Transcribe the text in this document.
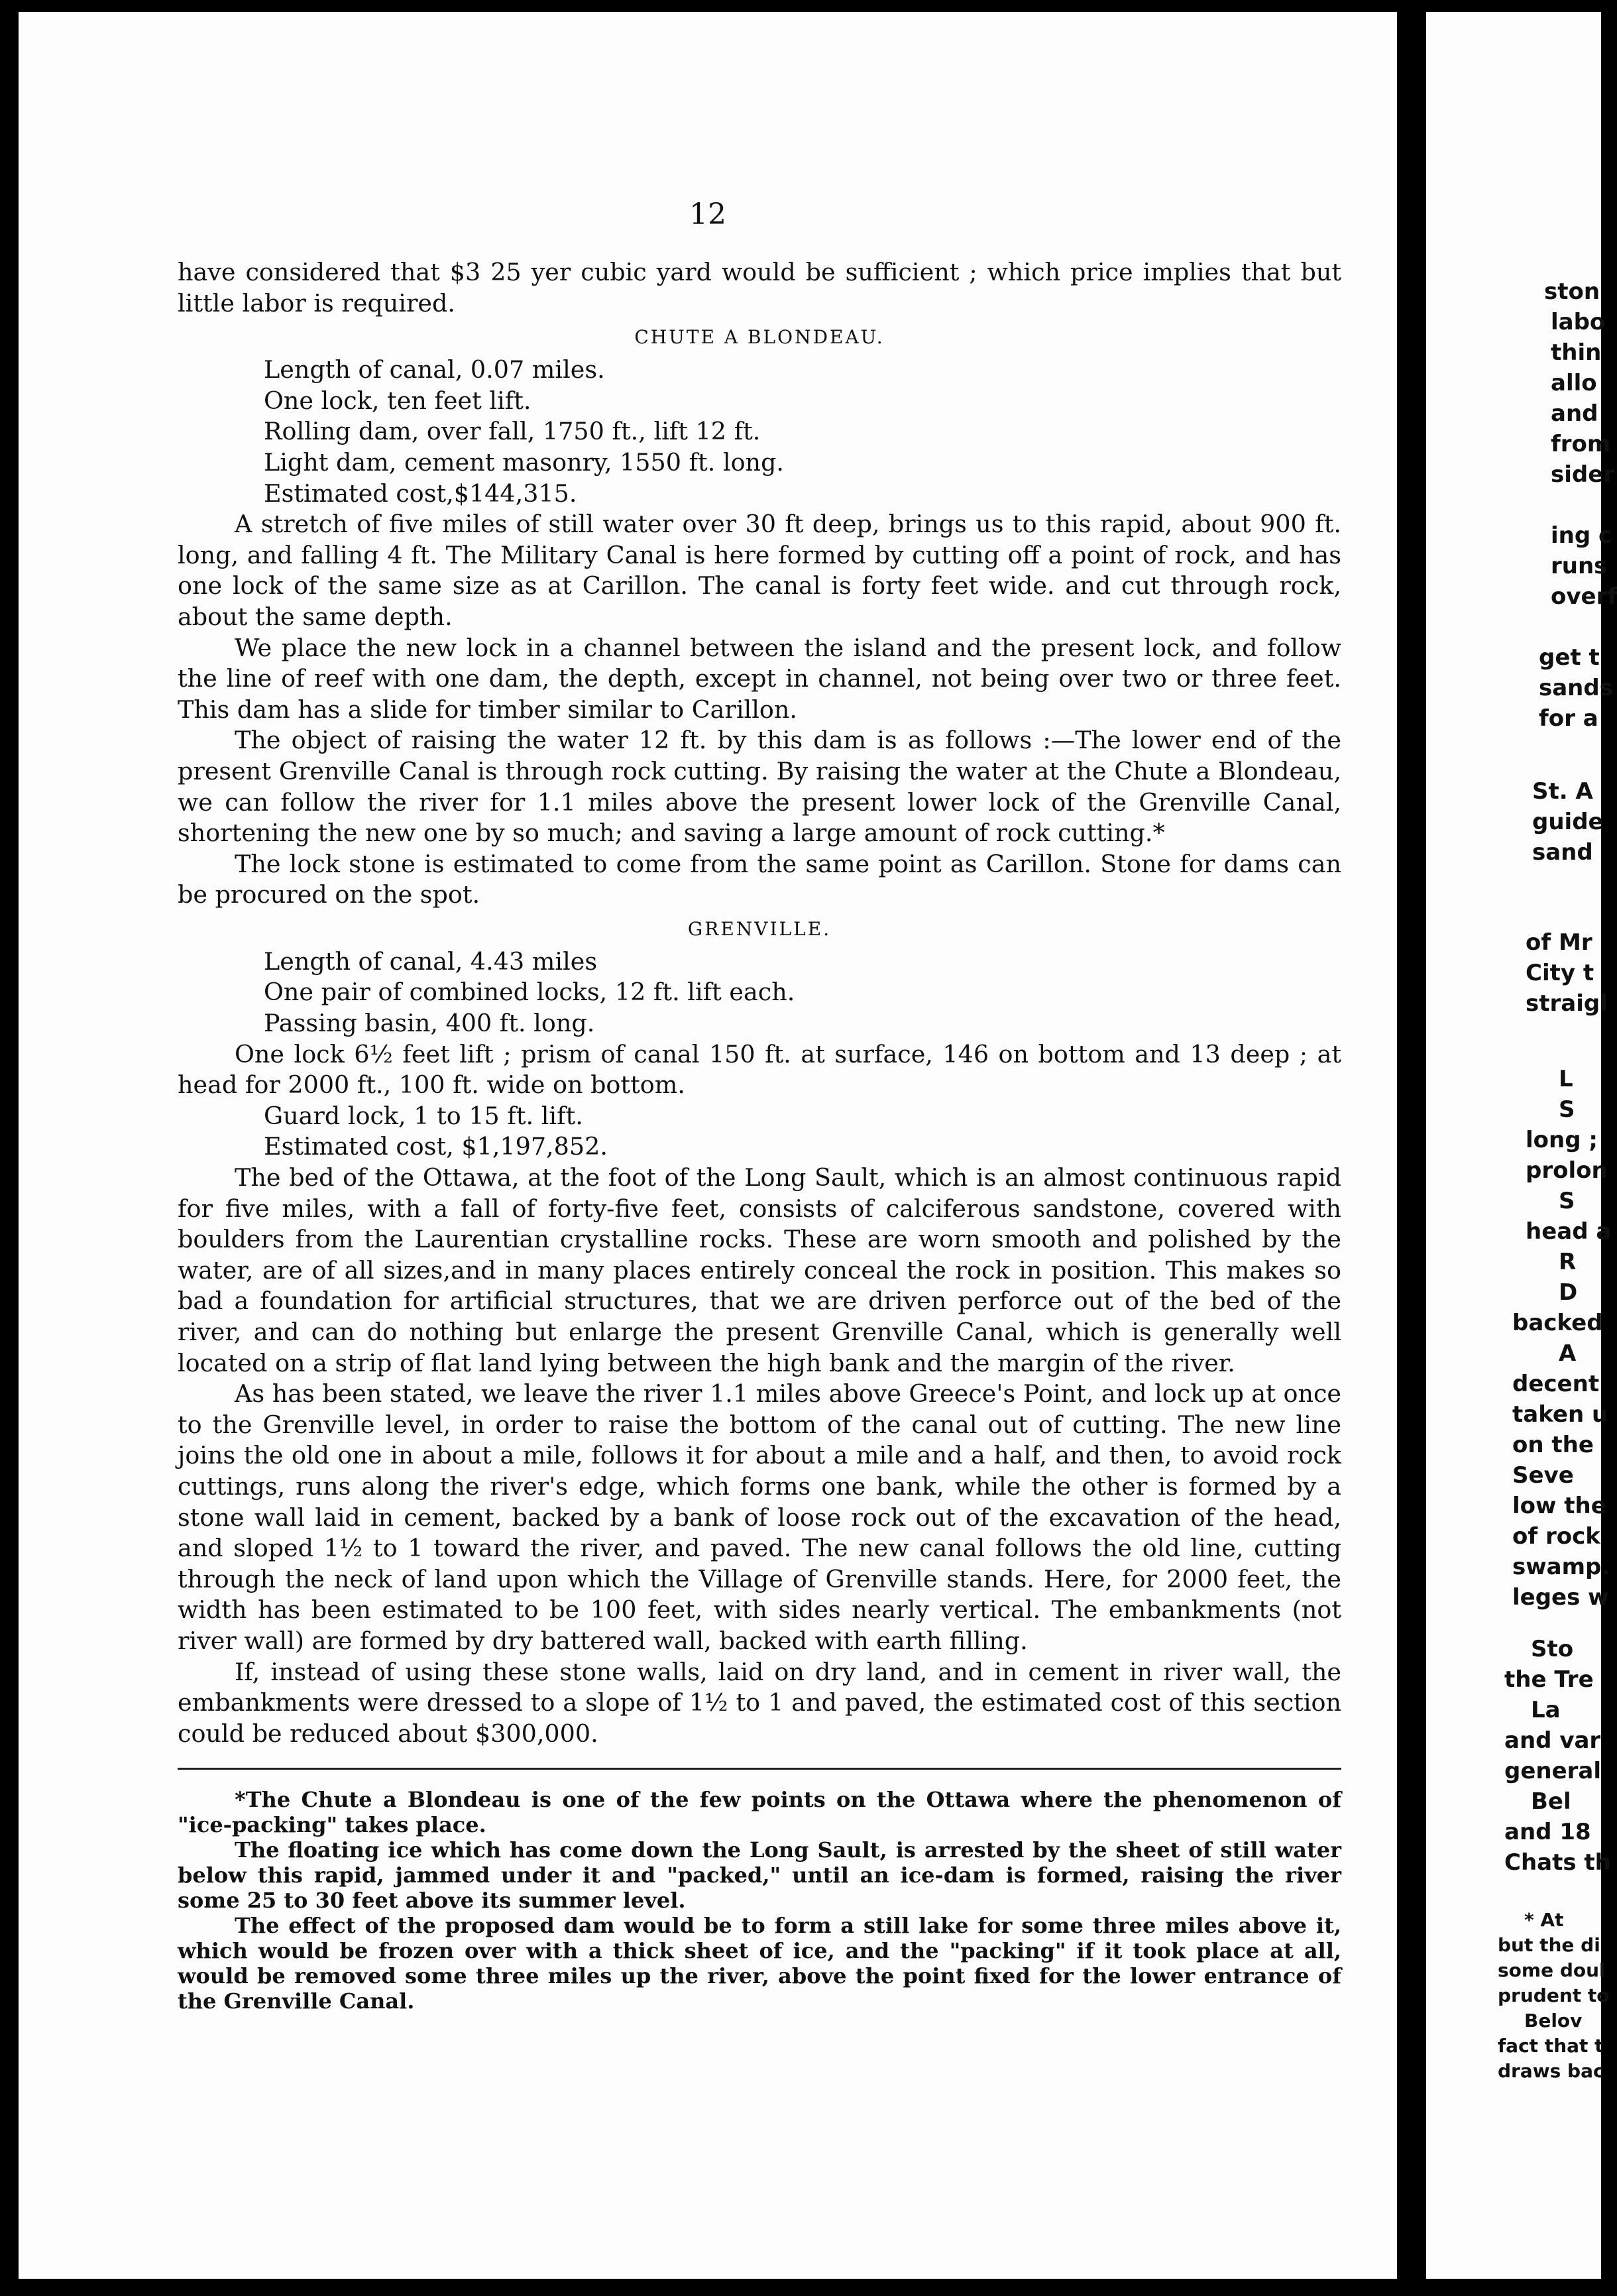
12

have considered that $3 25 yer cubic yard would be sufficient ; which price implies that but little labor is required.

CHUTE A BLONDEAU.

Length of canal, 0.07 miles.

One lock, ten feet lift.

Rolling dam, over fall, 1750 ft., lift 12 ft.

Light dam, cement masonry, 1550 ft. long.

Estimated cost,$144,315.

A stretch of five miles of still water over 30 ft deep, brings us to this rapid, about 900 ft. long, and falling 4 ft. The Military Canal is here formed by cutting off a point of rock, and has one lock of the same size as at Carillon. The canal is forty feet wide. and cut through rock, about the same depth.

We place the new lock in a channel between the island and the present lock, and follow the line of reef with one dam, the depth, except in channel, not being over two or three feet. This dam has a slide for timber similar to Carillon.

The object of raising the water 12 ft. by this dam is as follows :—The lower end of the present Grenville Canal is through rock cutting. By raising the water at the Chute a Blondeau, we can follow the river for 1.1 miles above the present lower lock of the Grenville Canal, shortening the new one by so much; and saving a large amount of rock cutting.*

The lock stone is estimated to come from the same point as Carillon. Stone for dams can be procured on the spot.

GRENVILLE.

Length of canal, 4.43 miles

One pair of combined locks, 12 ft. lift each.

Passing basin, 400 ft. long.

One lock 6½ feet lift ; prism of canal 150 ft. at surface, 146 on bottom and 13 deep ; at head for 2000 ft., 100 ft. wide on bottom.

Guard lock, 1 to 15 ft. lift.

Estimated cost, $1,197,852.

The bed of the Ottawa, at the foot of the Long Sault, which is an almost continuous rapid for five miles, with a fall of forty-five feet, consists of calciferous sandstone, covered with boulders from the Laurentian crystalline rocks. These are worn smooth and polished by the water, are of all sizes,and in many places entirely conceal the rock in position. This makes so bad a foundation for artificial structures, that we are driven perforce out of the bed of the river, and can do nothing but enlarge the present Grenville Canal, which is generally well located on a strip of flat land lying between the high bank and the margin of the river.

As has been stated, we leave the river 1.1 miles above Greece's Point, and lock up at once to the Grenville level, in order to raise the bottom of the canal out of cutting. The new line joins the old one in about a mile, follows it for about a mile and a half, and then, to avoid rock cuttings, runs along the river's edge, which forms one bank, while the other is formed by a stone wall laid in cement, backed by a bank of loose rock out of the excavation of the head, and sloped 1½ to 1 toward the river, and paved. The new canal follows the old line, cutting through the neck of land upon which the Village of Grenville stands. Here, for 2000 feet, the width has been estimated to be 100 feet, with sides nearly vertical. The embankments (not river wall) are formed by dry battered wall, backed with earth filling.

If, instead of using these stone walls, laid on dry land, and in cement in river wall, the embankments were dressed to a slope of 1½ to 1 and paved, the estimated cost of this section could be reduced about $300,000.

*The Chute a Blondeau is one of the few points on the Ottawa where the phenomenon of "ice-packing" takes place.

The floating ice which has come down the Long Sault, is arrested by the sheet of still water below this rapid, jammed under it and "packed," until an ice-dam is formed, raising the river some 25 to 30 feet above its summer level.

The effect of the proposed dam would be to form a still lake for some three miles above it, which would be frozen over with a thick sheet of ice, and the "packing" if it took place at all, would be removed some three miles up the river, above the point fixed for the lower entrance of the Grenville Canal.

ston
labo
thin
allo
and
from
sider
ing c
runs
overf
get t
sands
for a
St. A
guide
sand
of Mr
City t
straigl
L
S
long ;
prolon
S
head a
R
D
backed
A
decent
taken u
on the
Seve
low the
of rock
swamp.
leges w
Sto
the Tre
La
and var
general
Bel
and 18
Chats th
* At
but the di
some doul
prudent to
Belov
fact that t
draws bac
